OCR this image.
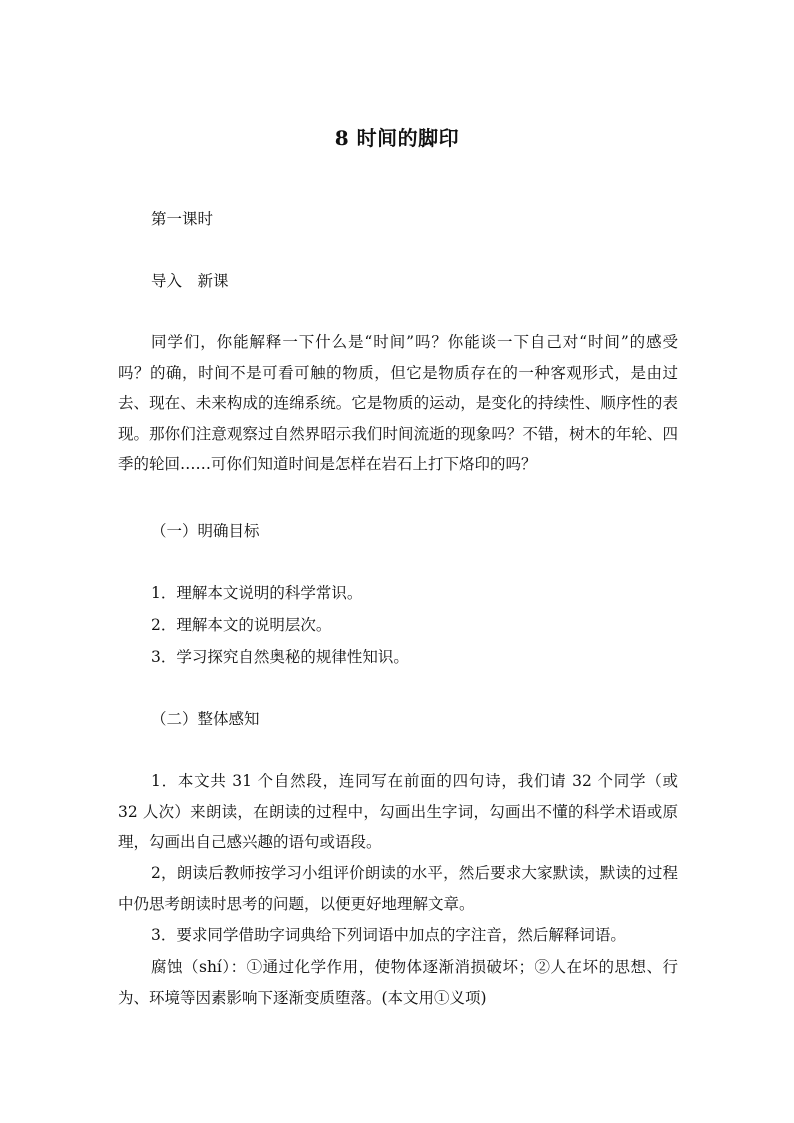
8 时间的脚印
第一课时
导入　新课

同学们，你能解释一下什么是“时间”吗？你能谈一下自己对“时间”的感受吗？的确，时间不是可看可触的物质，但它是物质存在的一种客观形式，是由过去、现在、未来构成的连绵系统。它是物质的运动，是变化的持续性、顺序性的表现。那你们注意观察过自然界昭示我们时间流逝的现象吗？不错，树木的年轮、四季的轮回……可你们知道时间是怎样在岩石上打下烙印的吗？

（一）明确目标
1．理解本文说明的科学常识。
2．理解本文的说明层次。
3．学习探究自然奥秘的规律性知识。
（二）整体感知

1．本文共 31 个自然段，连同写在前面的四句诗，我们请 32 个同学（或 32 人次）来朗读，在朗读的过程中，勾画出生字词，勾画出不懂的科学术语或原理，勾画出自己感兴趣的语句或语段。

2，朗读后教师按学习小组评价朗读的水平，然后要求大家默读，默读的过程中仍思考朗读时思考的问题，以便更好地理解文章。

3．要求同学借助字词典给下列词语中加点的字注音，然后解释词语。

腐蚀（shí）：①通过化学作用，使物体逐渐消损破坏；②人在坏的思想、行为、环境等因素影响下逐渐变质堕落。(本文用①义项)
